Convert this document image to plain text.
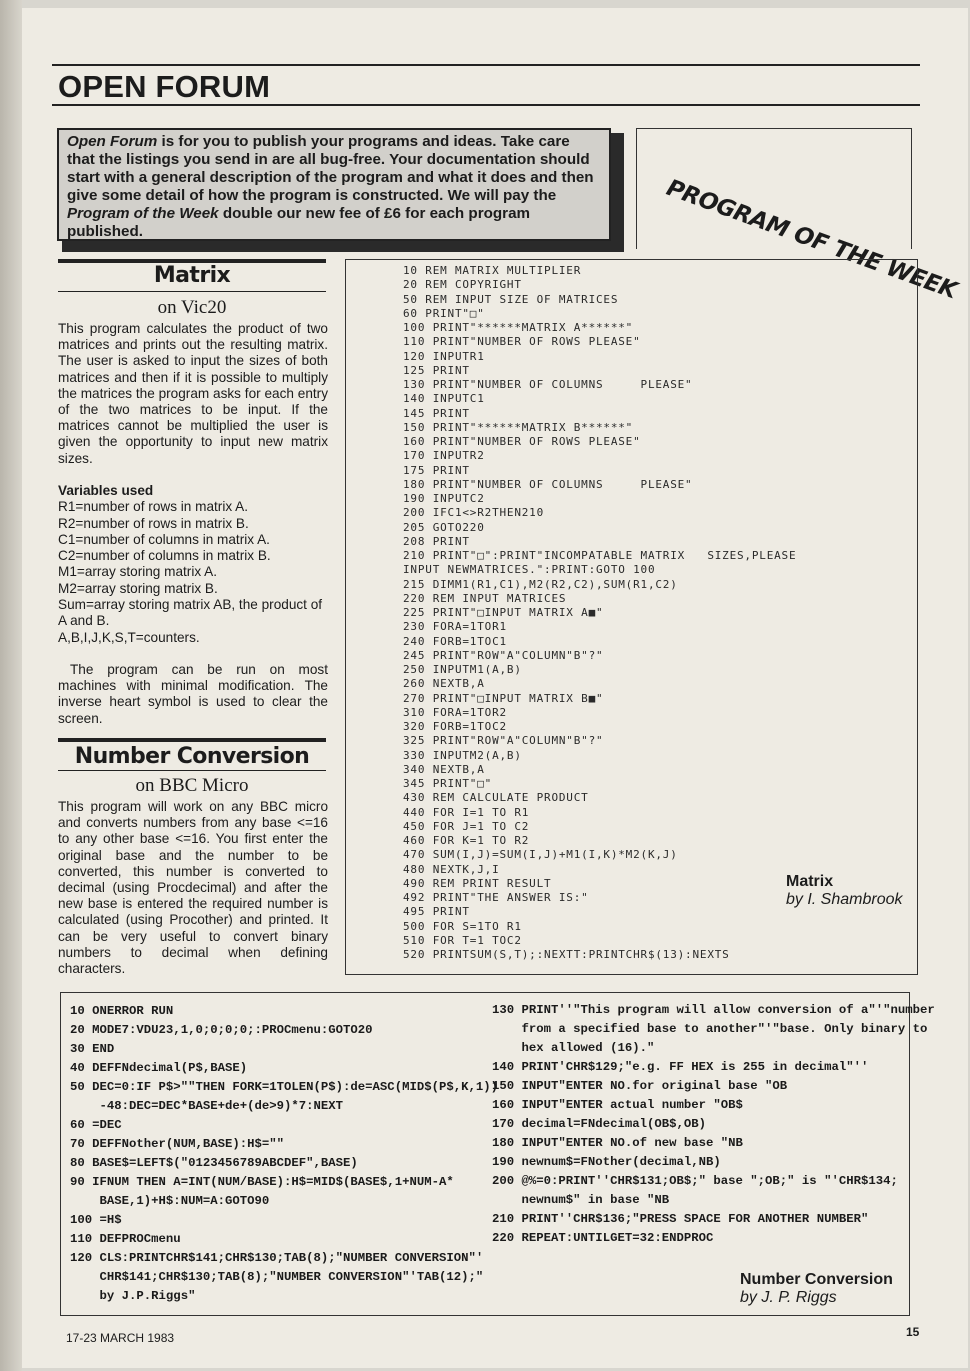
OPEN FORUM
Open Forum is for you to publish your programs and ideas. Take care that the listings you send in are all bug-free. Your documentation should start with a general description of the program and what it does and then give some detail of how the program is constructed. We will pay the Program of the Week double our new fee of £6 for each program published.	PROGRAM OF THE WEEK
Matrix
on Vic20
This program calculates the product of two matrices and prints out the resulting matrix. The user is asked to input the sizes of both matrices and then if it is possible to multiply the matrices the program asks for each entry of the two matrices to be input. If the matrices cannot be multiplied the user is given the opportunity to input new matrix sizes.
Variables used
R1=number of rows in matrix A.
R2=number of rows in matrix B.
C1=number of columns in matrix A.
C2=number of columns in matrix B.
M1=array storing matrix A.
M2=array storing matrix B.
Sum=array storing matrix AB, the product of A and B.
A,B,I,J,K,S,T=counters.
The program can be run on most machines with minimal modification. The inverse heart symbol is used to clear the screen.
Number Conversion
on BBC Micro
This program will work on any BBC micro and converts numbers from any base <=16 to any other base <=16. You first enter the original base and the number to be converted, this number is converted to decimal (using Procdecimal) and after the new base is entered the required number is calculated (using Procother) and printed. It can be very useful to convert binary numbers to decimal when defining characters.
10 REM MATRIX MULTIPLIER
20 REM COPYRIGHT
50 REM INPUT SIZE OF MATRICES
60 PRINT"□"
100 PRINT"******MATRIX A******"
110 PRINT"NUMBER OF ROWS PLEASE"
120 INPUTR1
125 PRINT
130 PRINT"NUMBER OF COLUMNS     PLEASE"
140 INPUTC1
145 PRINT
150 PRINT"******MATRIX B******"
160 PRINT"NUMBER OF ROWS PLEASE"
170 INPUTR2
175 PRINT
180 PRINT"NUMBER OF COLUMNS     PLEASE"
190 INPUTC2
200 IFC1<>R2THEN210
205 GOTO220
208 PRINT
210 PRINT"□":PRINT"INCOMPATABLE MATRIX   SIZES,PLEASE
INPUT NEWMATRICES.":PRINT:GOTO 100
215 DIMM1(R1,C1),M2(R2,C2),SUM(R1,C2)
220 REM INPUT MATRICES
225 PRINT"□INPUT MATRIX A■"
230 FORA=1TOR1
240 FORB=1TOC1
245 PRINT"ROW"A"COLUMN"B"?"
250 INPUTM1(A,B)
260 NEXTB,A
270 PRINT"□INPUT MATRIX B■"
310 FORA=1TOR2
320 FORB=1TOC2
325 PRINT"ROW"A"COLUMN"B"?"
330 INPUTM2(A,B)
340 NEXTB,A
345 PRINT"□"
430 REM CALCULATE PRODUCT
440 FOR I=1 TO R1
450 FOR J=1 TO C2
460 FOR K=1 TO R2
470 SUM(I,J)=SUM(I,J)+M1(I,K)*M2(K,J)
480 NEXTK,J,I
490 REM PRINT RESULT
492 PRINT"THE ANSWER IS:"
495 PRINT
500 FOR S=1TO R1
510 FOR T=1 TOC2
520 PRINTSUM(S,T);:NEXTT:PRINTCHR$(13):NEXTS
Matrix
by I. Shambrook
10 ONERROR RUN
20 MODE7:VDU23,1,0;0;0;0;:PROCmenu:GOTO20
30 END
40 DEFFNdecimal(P$,BASE)
50 DEC=0:IF P$>""THEN FORK=1TOLEN(P$):de=ASC(MID$(P$,K,1))
-48:DEC=DEC*BASE+de+(de>9)*7:NEXT
60 =DEC
70 DEFFNother(NUM,BASE):H$=""
80 BASE$=LEFT$("0123456789ABCDEF",BASE)
90 IFNUM THEN A=INT(NUM/BASE):H$=MID$(BASE$,1+NUM-A*
BASE,1)+H$:NUM=A:GOTO90
100 =H$
110 DEFPROCmenu
120 CLS:PRINTCHR$141;CHR$130;TAB(8);"NUMBER CONVERSION"'
CHR$141;CHR$130;TAB(8);"NUMBER CONVERSION"'TAB(12);"
by J.P.Riggs"
130 PRINT''"This program will allow conversion of a"'"number
from a specified base to another"'"base. Only binary to
hex allowed (16)."
140 PRINT'CHR$129;"e.g. FF HEX is 255 in decimal"''
150 INPUT"ENTER NO.for original base "OB
160 INPUT"ENTER actual number "OB$
170 decimal=FNdecimal(OB$,OB)
180 INPUT"ENTER NO.of new base "NB
190 newnum$=FNother(decimal,NB)
200 @%=0:PRINT''CHR$131;OB$;" base ";OB;" is "'CHR$134;
newnum$" in base "NB
210 PRINT''CHR$136;"PRESS SPACE FOR ANOTHER NUMBER"
220 REPEAT:UNTILGET=32:ENDPROC
Number Conversion
by J. P. Riggs
17-23 MARCH 1983	15
